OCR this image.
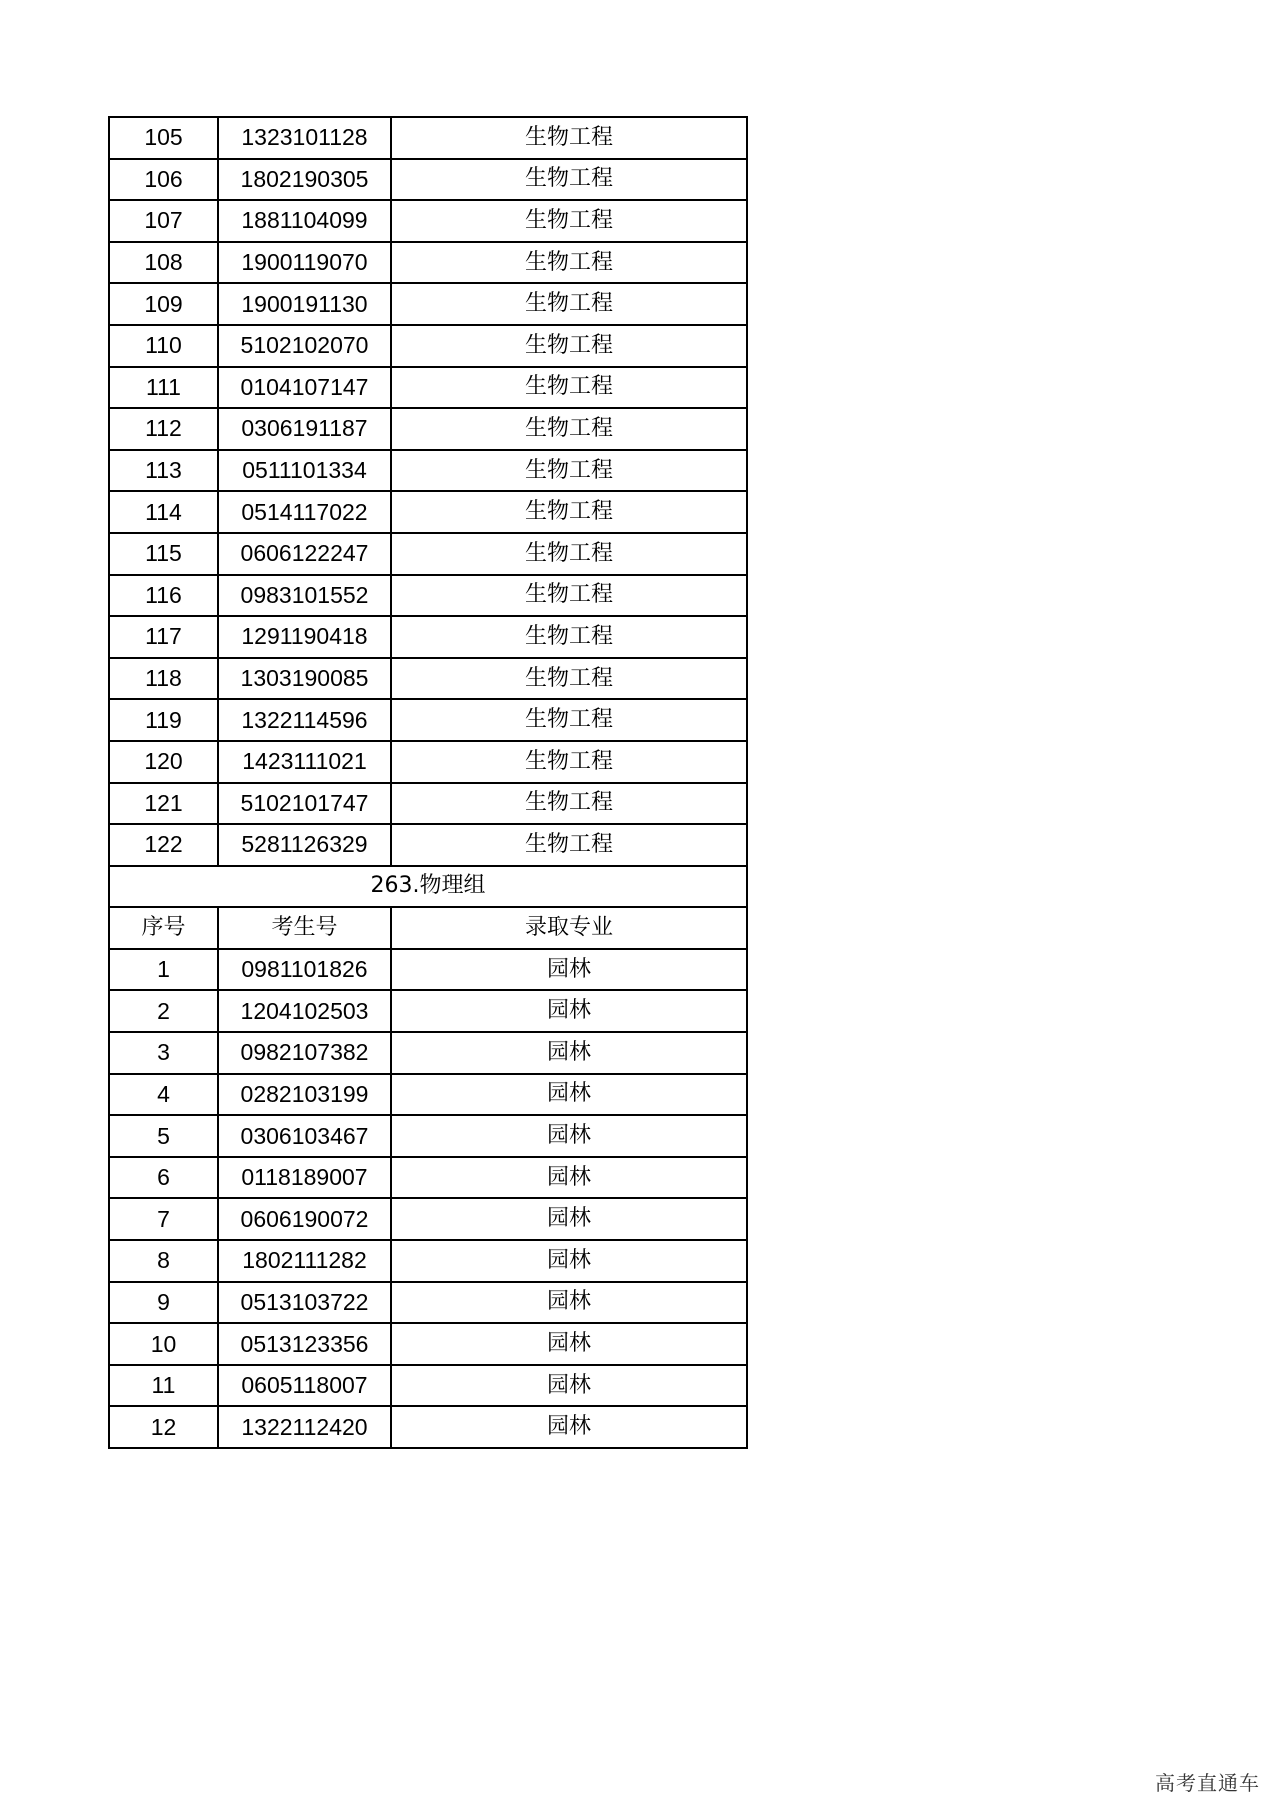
105	1323101128	生物工程
106	1802190305	生物工程
107	1881104099	生物工程
108	1900119070	生物工程
109	1900191130	生物工程
110	5102102070	生物工程
111	0104107147	生物工程
112	0306191187	生物工程
113	0511101334	生物工程
114	0514117022	生物工程
115	0606122247	生物工程
116	0983101552	生物工程
117	1291190418	生物工程
118	1303190085	生物工程
119	1322114596	生物工程
120	1423111021	生物工程
121	5102101747	生物工程
122	5281126329	生物工程
263.物理组		
序号	考生号	录取专业
1	0981101826	园林
2	1204102503	园林
3	0982107382	园林
4	0282103199	园林
5	0306103467	园林
6	0118189007	园林
7	0606190072	园林
8	1802111282	园林
9	0513103722	园林
10	0513123356	园林
11	0605118007	园林
12	1322112420	园林
高考直通车
